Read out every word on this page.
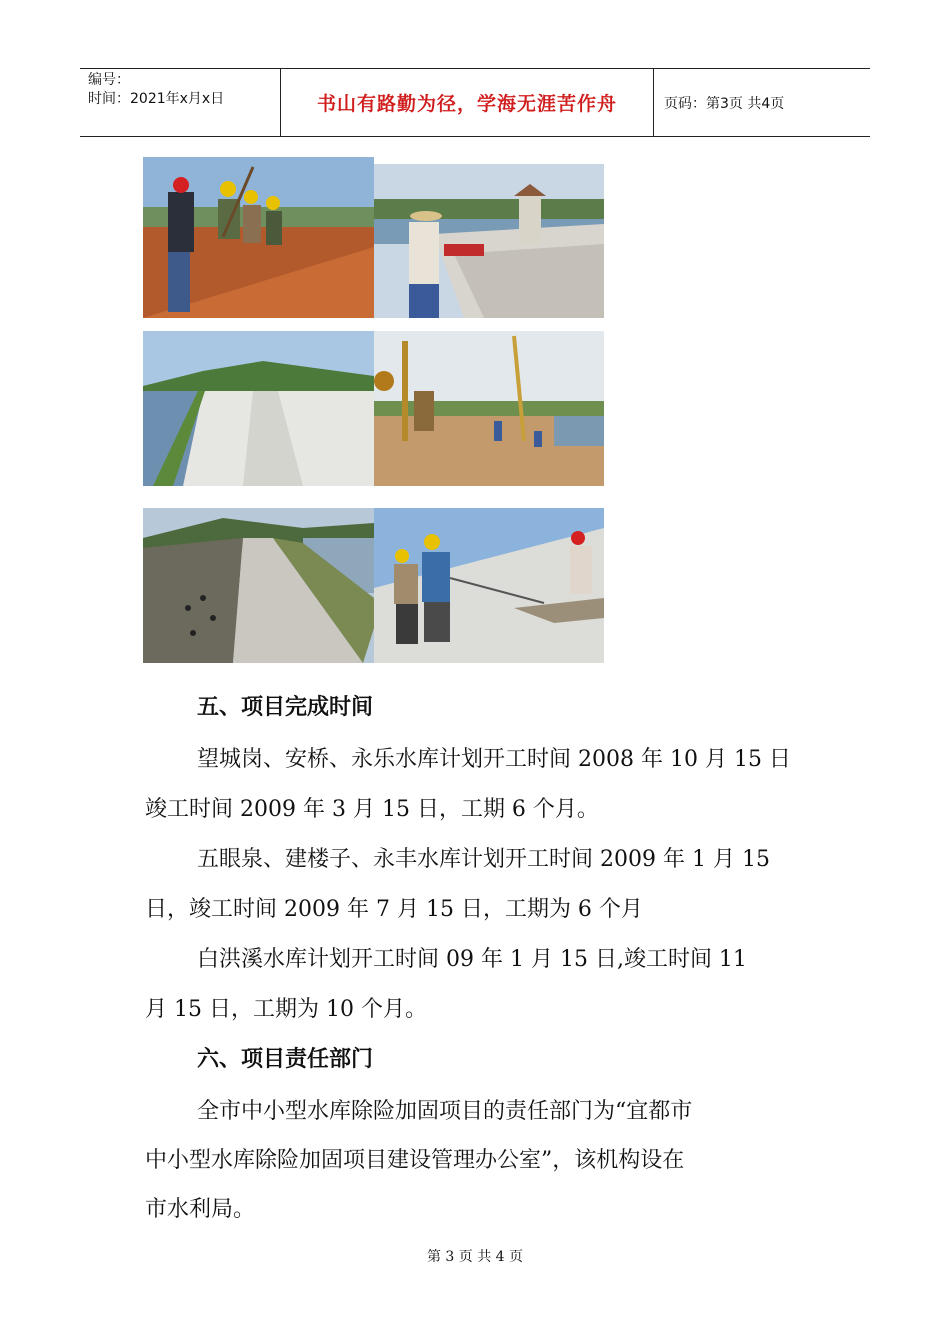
编号：
时间：2021年x月x日	书山有路勤为径，学海无涯苦作舟	页码：第3页 共4页
五、项目完成时间
望城岗、安桥、永乐水库计划开工时间 2008 年 10 月 15 日
竣工时间 2009 年 3 月 15 日，工期 6 个月。
五眼泉、建楼子、永丰水库计划开工时间 2009 年 1 月 15
日，竣工时间 2009 年 7 月 15 日，工期为 6 个月
白洪溪水库计划开工时间 09 年 1 月 15 日,竣工时间 11
月 15 日，工期为 10 个月。
六、项目责任部门
全市中小型水库除险加固项目的责任部门为“宜都市
中小型水库除险加固项目建设管理办公室”，该机构设在
市水利局。
第 3 页 共 4 页
